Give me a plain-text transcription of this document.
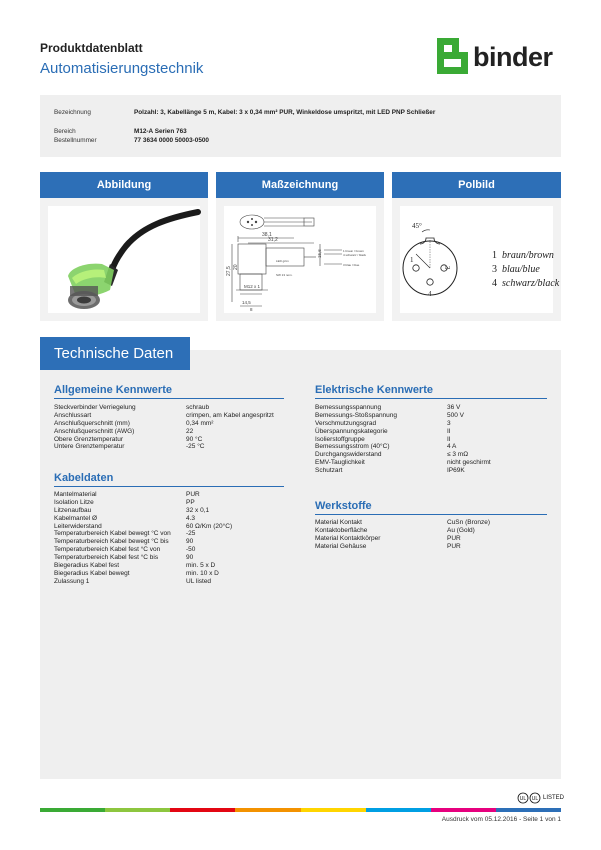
Produktdatenblatt
Automatisierungstechnik	binder
Bezeichnung	Polzahl: 3, Kabellänge 5 m, Kabel: 3 x 0,34 mm² PUR, Winkeldose umspritzt, mit LED PNP Schließer
Bereich	M12-A Serien 763
Bestellnummer	77 3634 0000 50003-0500
Abbildung	Maßzeichnung
38,1
31,2
15,6
27,5 20
M12 x 1
14,5
8
1 braun / brown
4 schwarz / black
3 blau / blue
SW 13 nom.
LED grün
Polbild
45°
1
3
4
1 braun/brown
3 blau/blue
4 schwarz/black
Technische Daten
Allgemeine Kennwerte
Steckverbinder Verriegelung	schraub
Anschlussart	crimpen, am Kabel angespritzt
Anschlußquerschnitt (mm)	0,34 mm²
Anschlußquerschnitt (AWG)	22
Obere Grenztemperatur	90 °C
Untere Grenztemperatur	-25 °C
Kabeldaten
Mantelmaterial	PUR
Isolation Litze	PP
Litzenaufbau	32 x 0,1
Kabelmantel Ø	4.3
Leiterwiderstand	60 Ω/Km (20°C)
Temperaturbereich Kabel bewegt °C von -25
Temperaturbereich Kabel bewegt °C bis	90
Temperaturbereich Kabel fest °C von	-50
Temperaturbereich Kabel fest °C bis	90
Biegeradius Kabel fest	min. 5 x D
Biegeradius Kabel bewegt	min. 10 x D
Zulassung 1	UL listed
Elektrische Kennwerte
Bemessungsspannung	36 V
Bemessungs-Stoßspannung	500 V
Verschmutzungsgrad	3
Überspannungskategorie	II
Isolierstoffgruppe	II
Bemessungsstrom (40°C)	4 A
Durchgangswiderstand	≤ 3 mΩ
EMV-Tauglichkeit	nicht geschirmt
Schutzart	IP69K
Werkstoffe
Material Kontakt	CuSn (Bronze)
Kontaktoberfläche	Au (Gold)
Material Kontaktkörper	PUR
Material Gehäuse	PUR
UL UL LISTED
Ausdruck vom 05.12.2016 - Seite 1 von 1
